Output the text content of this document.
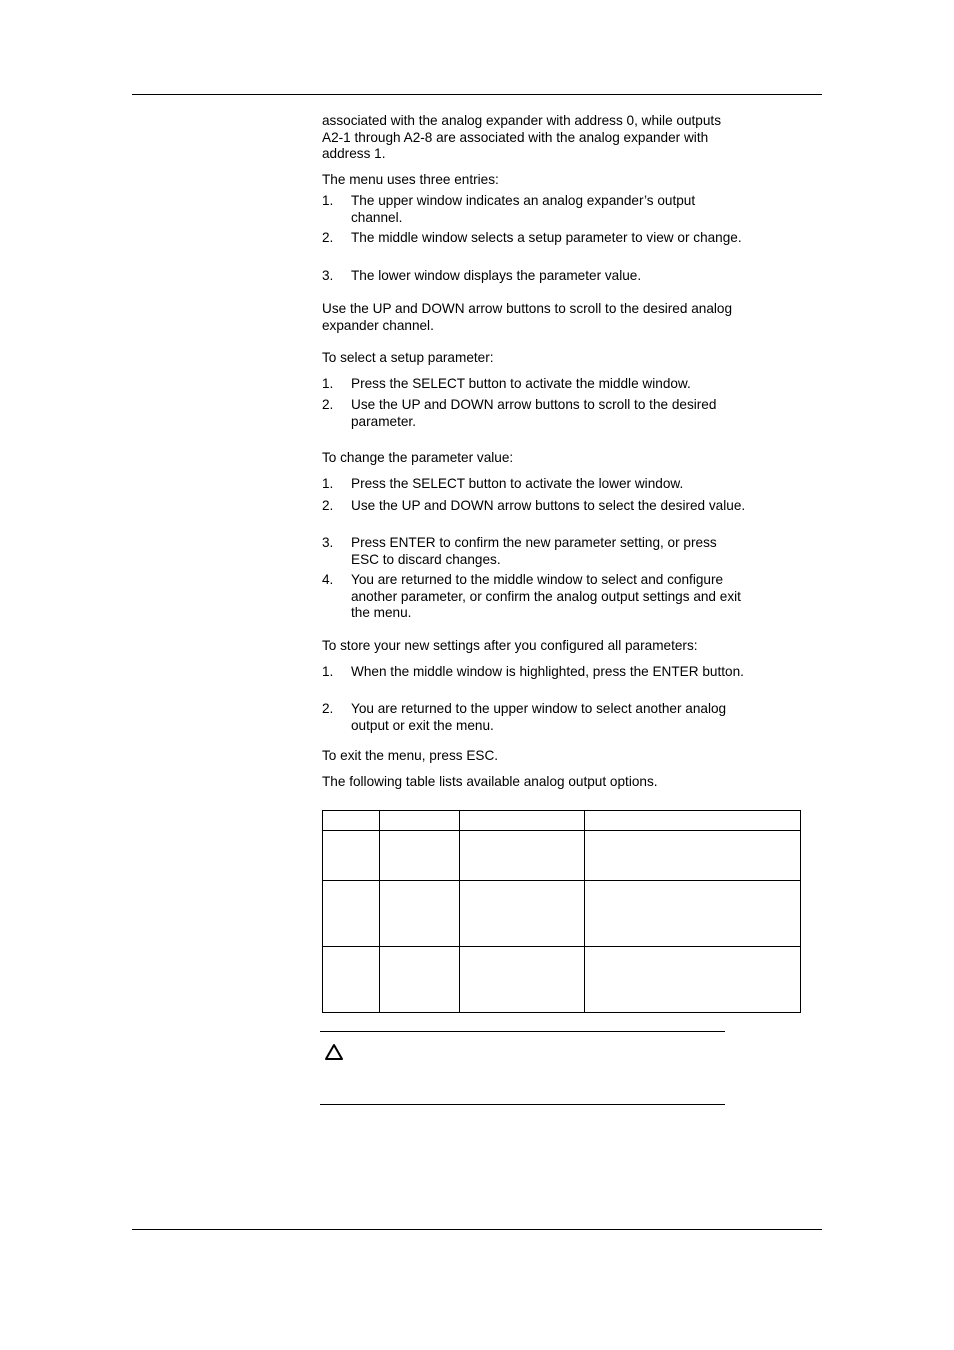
associated with the analog expander with address 0, while outputs A2-1 through A2-8 are associated with the analog expander with address 1.

The menu uses three entries:

1. The upper window indicates an analog expander’s output channel.
2. The middle window selects a setup parameter to view or change.
3. The lower window displays the parameter value.

Use the UP and DOWN arrow buttons to scroll to the desired analog expander channel.

To select a setup parameter:

1. Press the SELECT button to activate the middle window.
2. Use the UP and DOWN arrow buttons to scroll to the desired parameter.

To change the parameter value:

1. Press the SELECT button to activate the lower window.
2. Use the UP and DOWN arrow buttons to select the desired value.
3. Press ENTER to confirm the new parameter setting, or press ESC to discard changes.
4. You are returned to the middle window to select and configure another parameter, or confirm the analog output settings and exit the menu.

To store your new settings after you configured all parameters:

1. When the middle window is highlighted, press the ENTER button.
2. You are returned to the upper window to select another analog output or exit the menu.

To exit the menu, press ESC.

The following table lists available analog output options.
